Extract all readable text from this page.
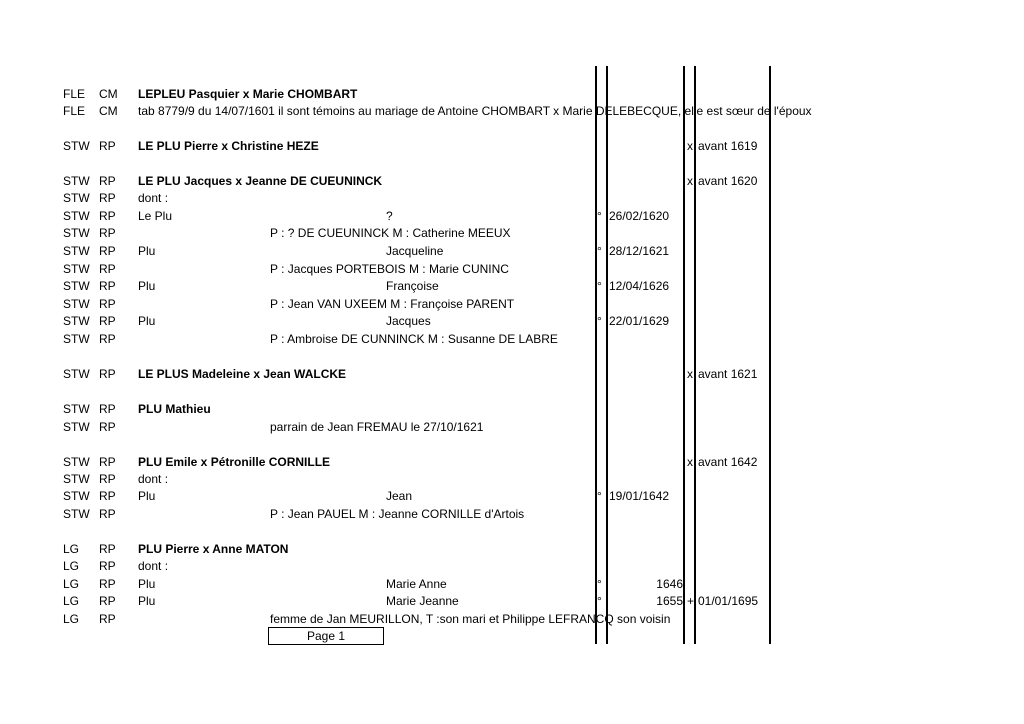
FLE CM LEPLEU Pasquier x Marie CHOMBART
FLE CM tab 8779/9 du 14/07/1601 il sont témoins au mariage de Antoine CHOMBART x Marie DELEBECQUE, elle est sœur de l'époux
STW RP LE PLU Pierre x Christine HEZE	x avant 1619
STW RP LE PLU Jacques x Jeanne DE CUEUNINCK	x avant 1620
STW RP dont :
STW RP Le Plu	?	° 26/02/1620
STW RP	P : ? DE CUEUNINCK M : Catherine MEEUX
STW RP Plu	Jacqueline	° 28/12/1621
STW RP	P : Jacques PORTEBOIS M : Marie CUNINC
STW RP Plu	Françoise	° 12/04/1626
STW RP	P : Jean VAN UXEEM M : Françoise PARENT
STW RP Plu	Jacques	° 22/01/1629
STW RP	P : Ambroise DE CUNNINCK M : Susanne DE LABRE
STW RP LE PLUS Madeleine x Jean WALCKE	x avant 1621
STW RP PLU Mathieu
STW RP	parrain de Jean FREMAU le 27/10/1621
STW RP PLU Emile x Pétronille CORNILLE	x avant 1642
STW RP dont :
STW RP Plu	Jean	° 19/01/1642
STW RP	P : Jean PAUEL M : Jeanne CORNILLE d'Artois
LG RP PLU Pierre x Anne MATON
LG RP dont :
LG RP Plu	Marie Anne	°	1646
LG RP Plu	Marie Jeanne	°	1655 + 01/01/1695
LG RP	femme de Jan MEURILLON, T :son mari et Philippe LEFRANCQ son voisin
Page 1
